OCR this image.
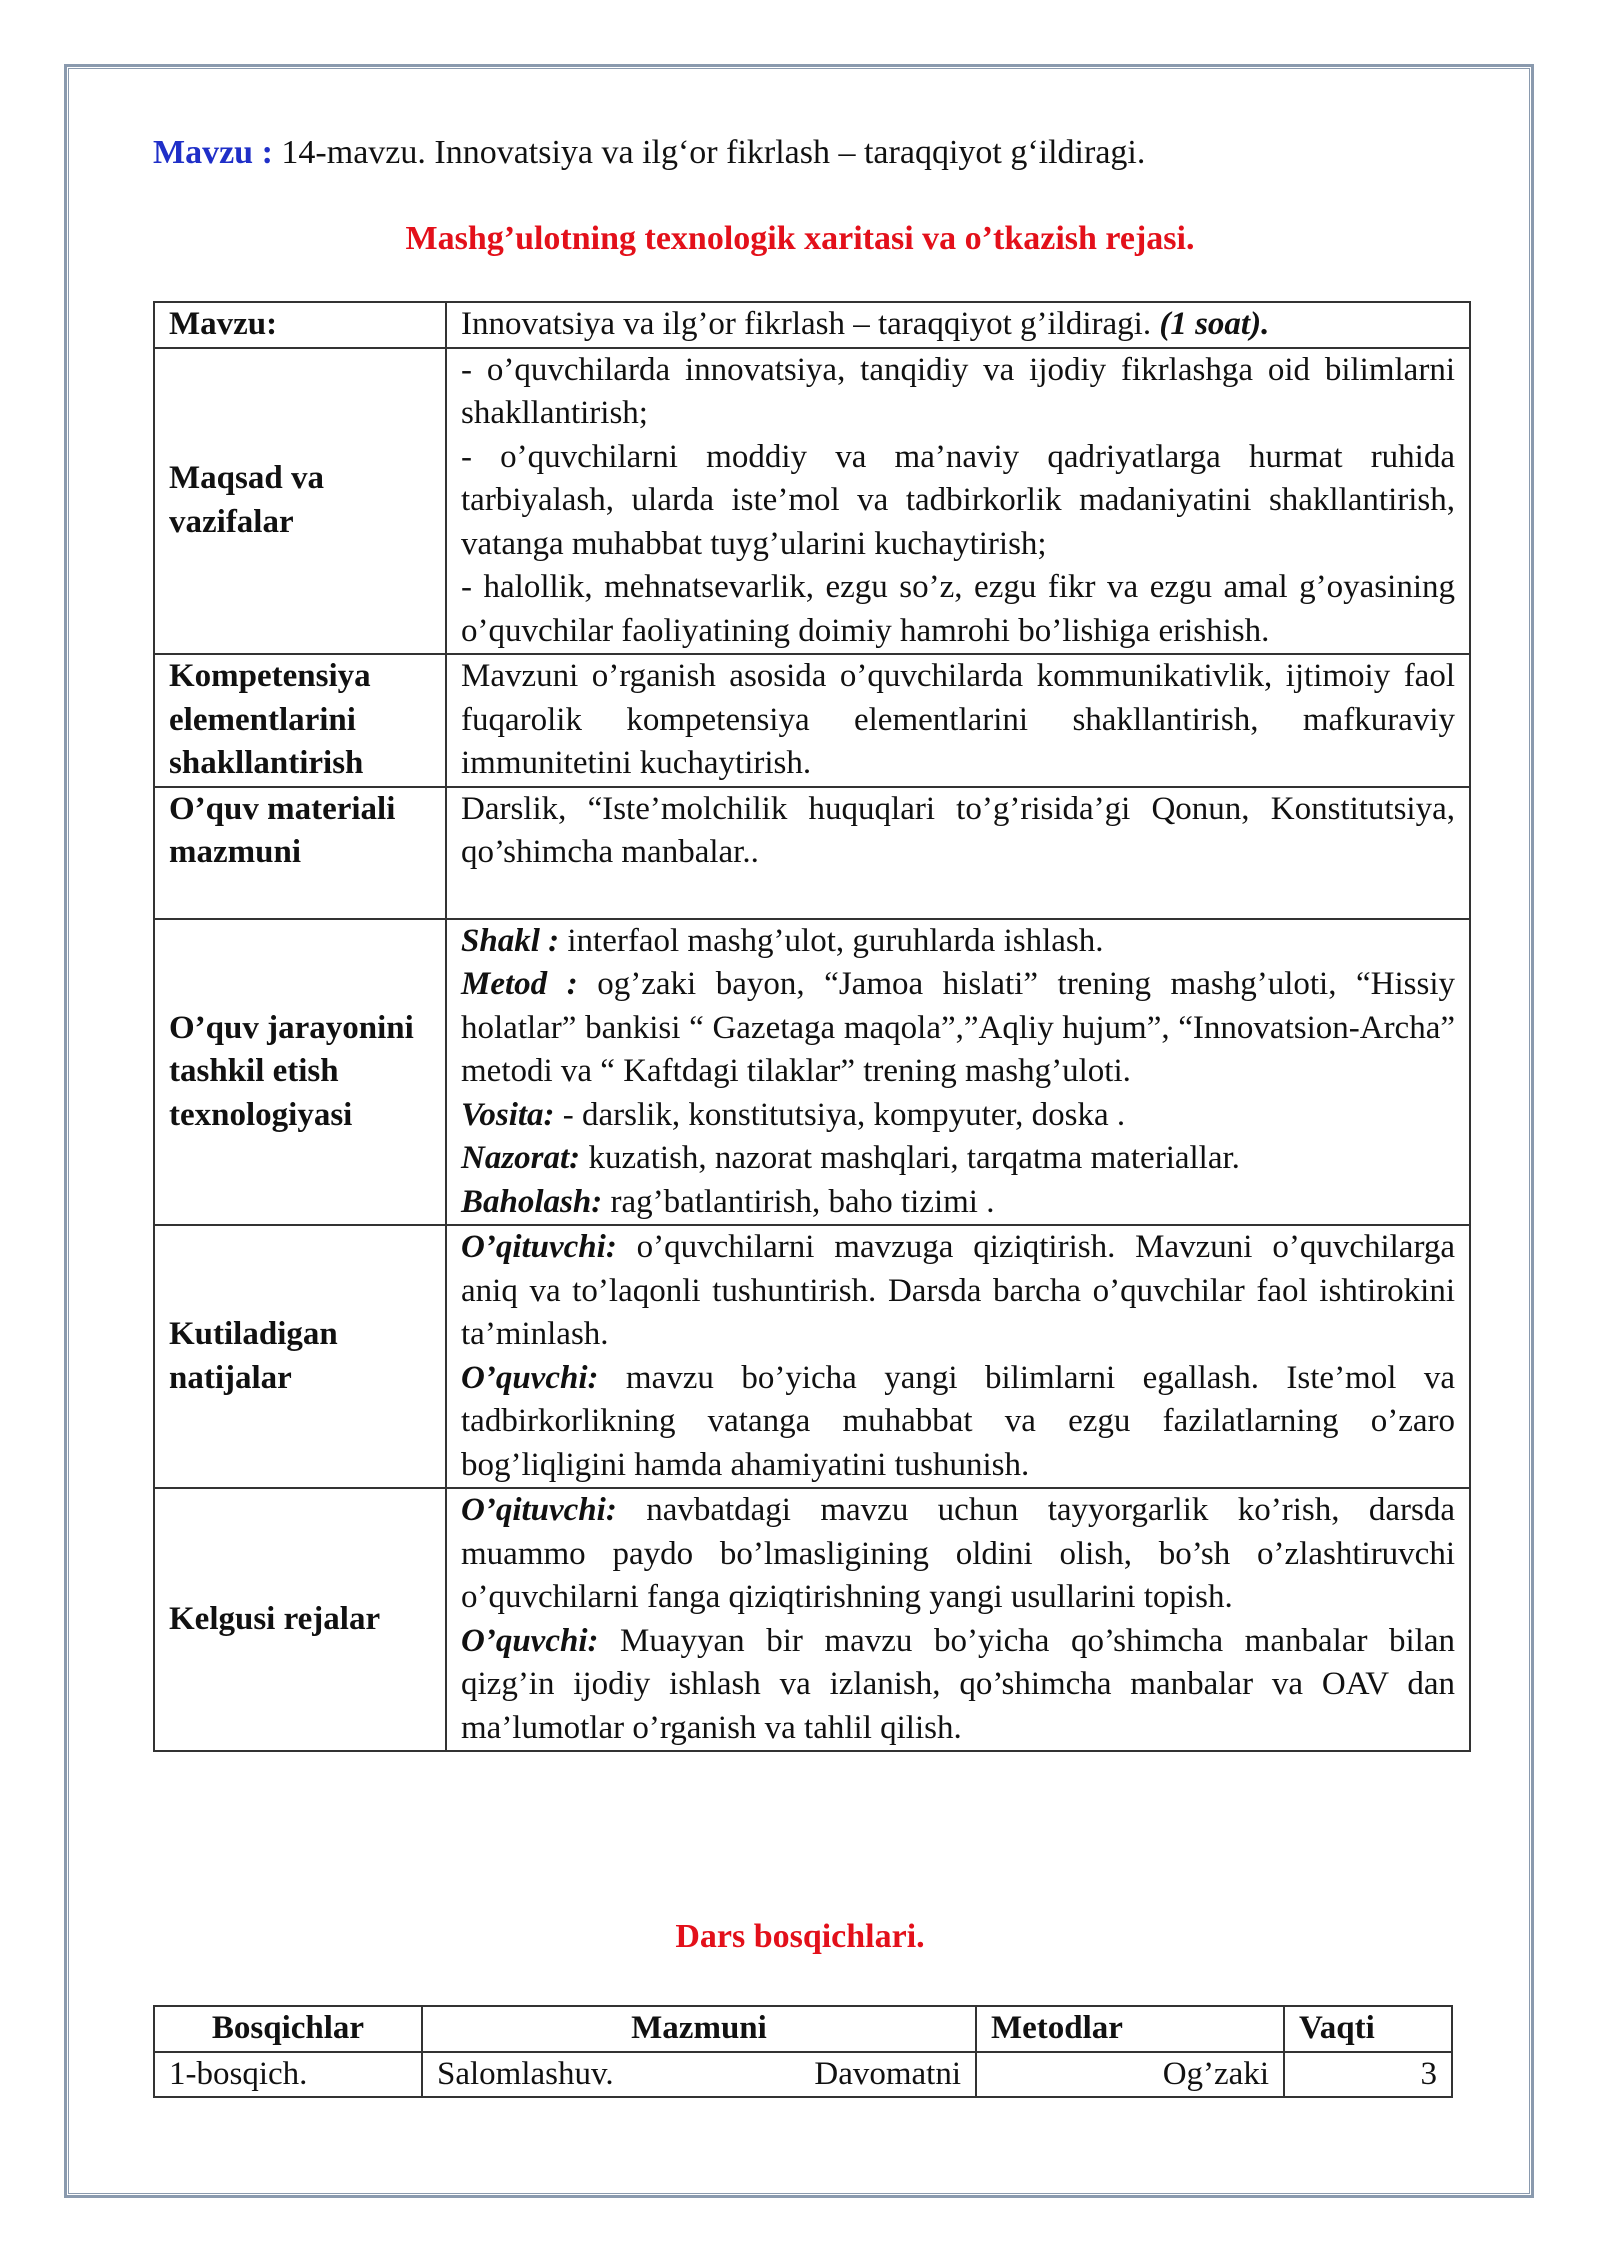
Mavzu : 14-mavzu. Innovatsiya va ilg‘or fikrlash – taraqqiyot g‘ildiragi.
Mashg’ulotning texnologik xaritasi va o’tkazish rejasi.
Mavzu:	Innovatsiya va ilg’or fikrlash – taraqqiyot g’ildiragi. (1 soat).

Maqsad va vazifalar	- o’quvchilarda innovatsiya, tanqidiy va ijodiy fikrlashga oid bilimlarni shakllantirish;

- o’quvchilarni moddiy va ma’naviy qadriyatlarga hurmat ruhida tarbiyalash, ularda iste’mol va tadbirkorlik madaniyatini shakllantirish, vatanga muhabbat tuyg’ularini kuchaytirish;

- halollik, mehnatsevarlik, ezgu so’z, ezgu fikr va ezgu amal g’oyasining o’quvchilar faoliyatining doimiy hamrohi bo’lishiga erishish.

Kompetensiya elementlarini shakllantirish	Mavzuni o’rganish asosida o’quvchilarda kommunikativlik, ijtimoiy faol fuqarolik kompetensiya elementlarini shakllantirish, mafkuraviy immunitetini kuchaytirish.
O’quv materiali mazmuni	Darslik, “Iste’molchilik huquqlari to’g’risida’gi Qonun, Konstitutsiya, qo’shimcha manbalar..
O’quv jarayonini tashkil etish texnologiyasi	Shakl : interfaol mashg’ulot, guruhlarda ishlash.

Metod : og’zaki bayon, “Jamoa hislati” trening mashg’uloti, “Hissiy holatlar” bankisi “ Gazetaga maqola”,”Aqliy hujum”, “Innovatsion-Archa” metodi va “ Kaftdagi tilaklar” trening mashg’uloti.

Vosita: - darslik, konstitutsiya, kompyuter, doska .

Nazorat: kuzatish, nazorat mashqlari, tarqatma materiallar.

Baholash: rag’batlantirish, baho tizimi .

Kutiladigan natijalar	O’qituvchi: o’quvchilarni mavzuga qiziqtirish. Mavzuni o’quvchilarga aniq va to’laqonli tushuntirish. Darsda barcha o’quvchilar faol ishtirokini ta’minlash.

O’quvchi: mavzu bo’yicha yangi bilimlarni egallash. Iste’mol va tadbirkorlikning vatanga muhabbat va ezgu fazilatlarning o’zaro bog’liqligini hamda ahamiyatini tushunish.

Kelgusi rejalar	O’qituvchi: navbatdagi mavzu uchun tayyorgarlik ko’rish, darsda muammo paydo bo’lmasligining oldini olish, bo’sh o’zlashtiruvchi o’quvchilarni fanga qiziqtirishning yangi usullarini topish.

O’quvchi: Muayyan bir mavzu bo’yicha qo’shimcha manbalar bilan qizg’in ijodiy ishlash va izlanish, qo’shimcha manbalar va OAV dan ma’lumotlar o’rganish va tahlil qilish.

Dars bosqichlari.
Bosqichlar	Mazmuni	Metodlar	Vaqti
1-bosqich.	Salomlashuv. Davomatni	Og’zaki	3
